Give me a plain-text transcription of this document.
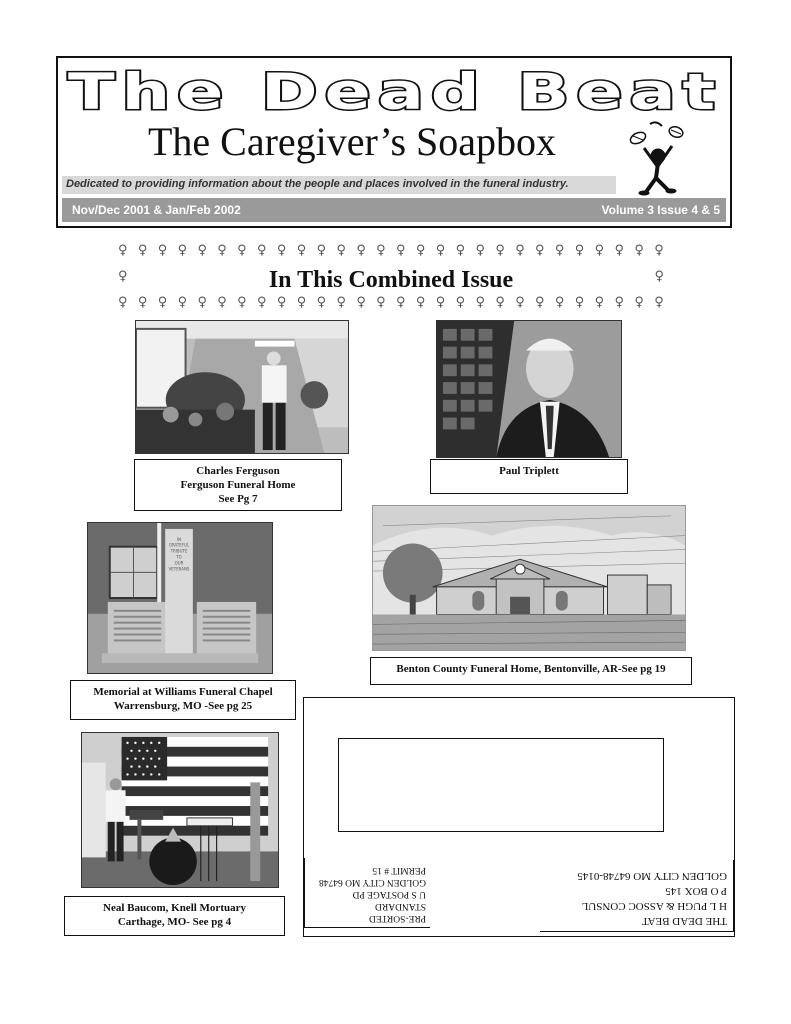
The Dead Beat
The Caregiver’s Soapbox
Dedicated to providing information about the people and places involved in the funeral industry.
Nov/Dec 2001 & Jan/Feb 2002	Volume 3 Issue 4 & 5
♀ ♀ ♀ ♀ ♀ ♀ ♀ ♀ ♀ ♀ ♀ ♀ ♀ ♀ ♀ ♀ ♀ ♀ ♀ ♀ ♀ ♀ ♀ ♀ ♀ ♀ ♀ ♀
♀	♀
In This Combined Issue
♀ ♀ ♀ ♀ ♀ ♀ ♀ ♀ ♀ ♀ ♀ ♀ ♀ ♀ ♀ ♀ ♀ ♀ ♀ ♀ ♀ ♀ ♀ ♀ ♀ ♀ ♀ ♀
Charles Ferguson
Ferguson Funeral Home
See Pg 7
Paul Triplett
IN
GRATEFUL
TRIBUTE
TO
OUR
VETERANS
Memorial at Williams Funeral Chapel
Warrensburg, MO -See pg 25
Benton County Funeral Home, Bentonville, AR-See pg 19
Neal Baucom, Knell Mortuary
Carthage, MO- See pg 4	PRE-SORTED
STANDARD
U S POSTAGE PD
GOLDEN CITY MO 64748
PERMIT # 15
THE DEAD BEAT
H L PUGH & ASSOC CONSUL
P O BOX 145
GOLDEN CITY MO 64748-0145
